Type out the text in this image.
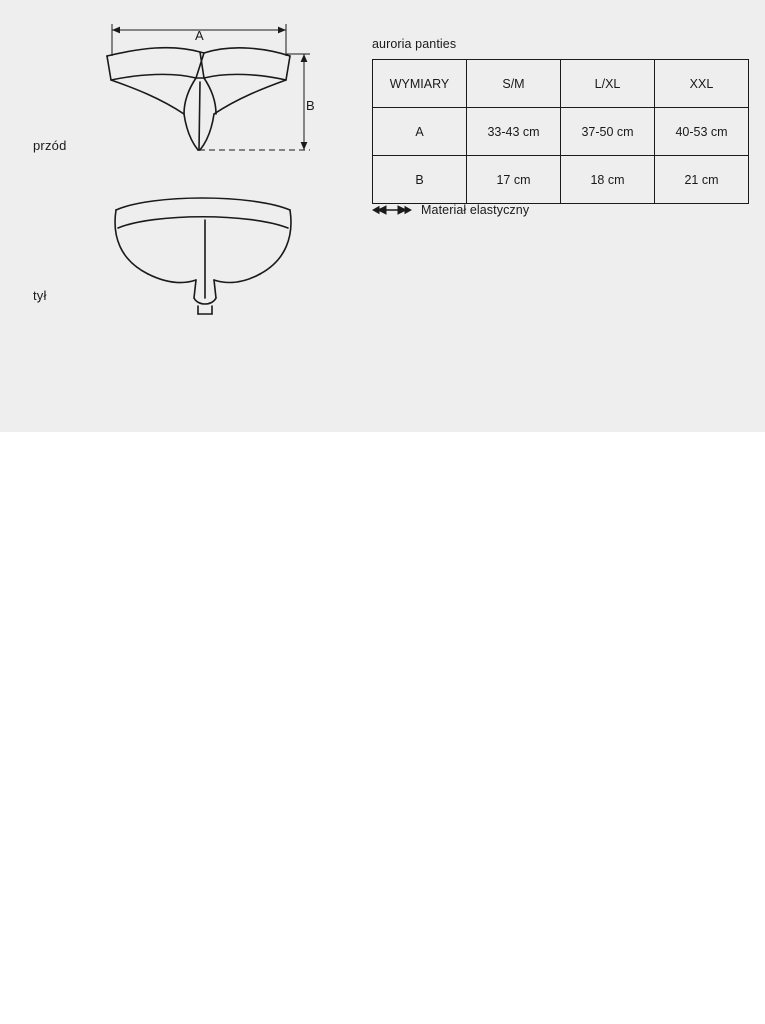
przód
tył
A
B
auroria panties
WYMIARY	S/M	L/XL	XXL
A	33-43 cm	37-50 cm	40-53 cm
B	17 cm	18 cm	21 cm
Materiał elastyczny
